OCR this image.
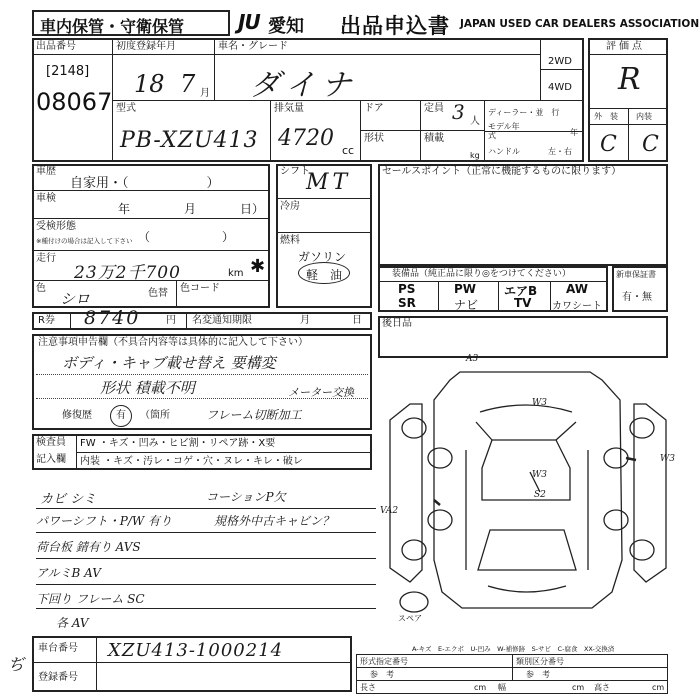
車内保管・守衛保管	JU 愛知 出品申込書 JAPAN USED CAR DEALERS ASSOCIATION
出品番号
[2148]
08067
初度登録年月
18 7 月
車名・グレード
ダイナ
2WD
4WD
型式
PB-XZU413
排気量
4720 cc
ドア	定員 3 人
形状	積載
kg
ディーラー・並　行
モデル年式	年
ハンドル	左・右
評価点
R
外　装 内装
C C
車歴
自家用・（　　　　　　）
車検
年	月	日）
受検形態
※種付けの場合は記入して下さい （　　　　　　）
走行
23万2千700	km ✱
色
シロ	色替 色コード
シフト
MT
冷房
燃料
ガソリン
軽　油
セールスポイント（正常に機能するものに限ります）
装備品（純正品に限り◎をつけてください）
PS	PW エアB AW
SR	ナビ	TV カワシート
新車保証書
有・無
R券 8740	円 名変通知期限	月	日
注意事項申告欄（不具合内容等は具体的に記入して下さい）
ボディ・キャブ載せ替え 要構変
形状 積載不明	メーター交換
修復歴 有 （箇所	フレーム切断加工
検査員
記入欄
FW ・キズ・凹み・ヒビ割・リペア跡・X要
内装 ・キズ・汚レ・コゲ・穴・ヌレ・キレ・破レ
後日品
カビ シミ	コーションP欠
パワーシフト・P/W 有り	規格外中古キャビン？
荷台板 錆有り AVS
アルミB AV
下回り フレーム SC
各 AV
ぢ
A3
W3
W3
S2
W3
VA2
スペア
A-キズ　E-エクボ　U-凹み　W-補修跡　S-サビ　C-腐食　XX-交換済
車台番号 XZU413-1000214
登録番号
形式指定番号	類別区分番号
参　考	参　考
長さ	cm 幅	cm 高さ	cm
